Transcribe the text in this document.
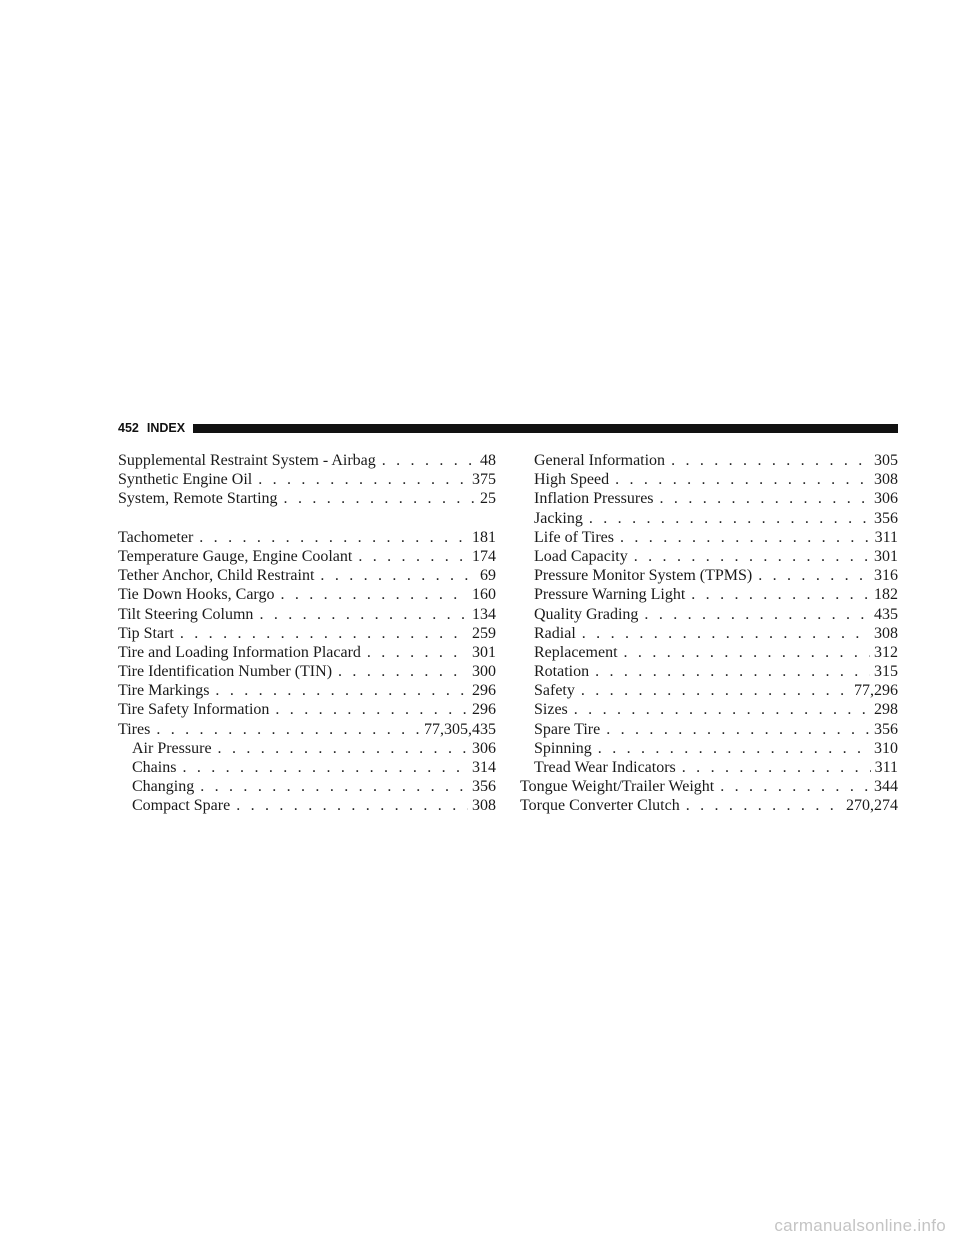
452 INDEX
Supplemental Restraint System - Airbag . . .	48
Synthetic Engine Oil . . .	375
System, Remote Starting . . .	25
Tachometer . . .	181
Temperature Gauge, Engine Coolant . . .	174
Tether Anchor, Child Restraint . . .	69
Tie Down Hooks, Cargo . . .	160
Tilt Steering Column . . .	134
Tip Start . . .	259
Tire and Loading Information Placard . . .	301
Tire Identification Number (TIN) . . .	300
Tire Markings . . .	296
Tire Safety Information . . .	296
Tires . . .	77,305,435
Air Pressure . . .	306
Chains . . .	314
Changing . . .	356
Compact Spare . . .	308
General Information . . .	305
High Speed . . .	308
Inflation Pressures . . .	306
Jacking . . .	356
Life of Tires . . .	311
Load Capacity . . .	301
Pressure Monitor System (TPMS) . . .	316
Pressure Warning Light . . .	182
Quality Grading . . .	435
Radial . . .	308
Replacement . . .	312
Rotation . . .	315
Safety . . .	77,296
Sizes . . .	298
Spare Tire . . .	356
Spinning . . .	310
Tread Wear Indicators . . .	311
Tongue Weight/Trailer Weight . . .	344
Torque Converter Clutch . . .	270,274
carmanualsonline.info
